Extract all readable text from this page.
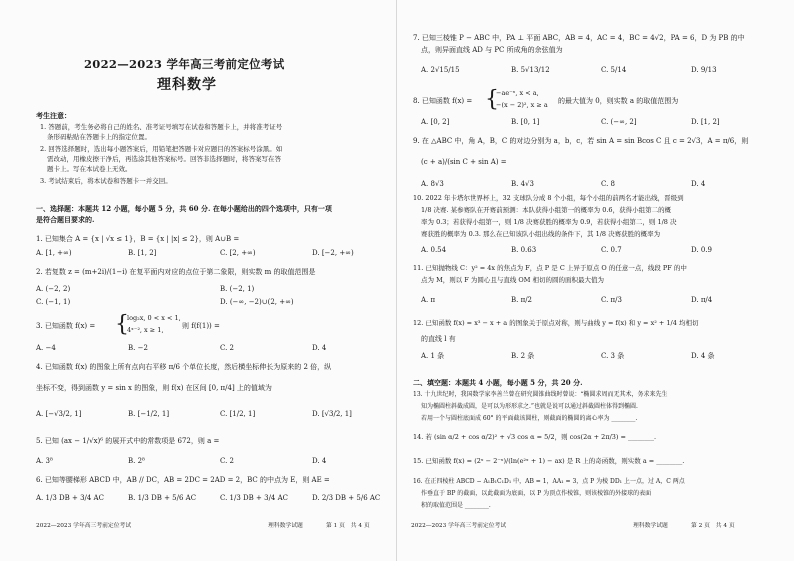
2022—2023 学年高三考前定位考试
理科数学
考生注意：
1. 答题前，考生务必将自己的姓名、准考证号填写在试卷和答题卡上，并将准考证号
条形码粘贴在答题卡上的指定位置。
2. 回答选择题时，选出每小题答案后，用铅笔把答题卡对应题目的答案标号涂黑。如
需改动，用橡皮擦干净后，再选涂其他答案标号。回答非选择题时，将答案写在答
题卡上。写在本试卷上无效。
3. 考试结束后，将本试卷和答题卡一并交回。
一、选择题：本题共 12 小题，每小题 5 分，共 60 分. 在每小题给出的四个选项中，只有一项
是符合题目要求的.
1. 已知集合 A = {x | √x ≤ 1}，B = {x | |x| ≤ 2}，则 A∪B =
A. [1, +∞)	B. [1, 2]	C. [2, +∞)	D. [−2, +∞)
2. 若复数 z = (m+2i)/(1−i) 在复平面内对应的点位于第二象限，则实数 m 的取值范围是
A. (−2, 2)	B. (−2, 1)
C. (−1, 1)	D. (−∞, −2)∪(2, +∞)
3. 已知函数 f(x) = {
log₂x, 0 < x < 1,
4ˣ⁻², x ≥ 1,	则 f(f(1)) =
A. −4	B. −2	C. 2	D. 4
4. 已知函数 f(x) 的图象上所有点向右平移 π/6 个单位长度，然后横坐标伸长为原来的 2 倍，纵
坐标不变，得到函数 y = sin x 的图象，则 f(x) 在区间 [0, π/4] 上的值域为
A. [−√3/2, 1]	B. [−1/2, 1]	C. [1/2, 1]	D. [√3/2, 1]
5. 已知 (ax − 1/√x)⁶ 的展开式中的常数项是 672，则 a =
A. 3⁸	B. 2⁸	C. 2	D. 4
6. 已知等腰梯形 ABCD 中，AB // DC，AB = 2DC = 2AD = 2，BC 的中点为 E，则 AE =
A. 1/3 DB + 3/4 AC	B. 1/3 DB + 5/6 AC	C. 1/3 DB + 3/4 AC	D. 2/3 DB + 5/6 AC
2022—2023 学年高三考前定位考试	理科数学试题	第 1 页　共 4 页
7. 已知三棱锥 P − ABC 中，PA ⊥ 平面 ABC，AB = 4，AC = 4，BC = 4√2，PA = 6，D 为 PB 的中
点，则异面直线 AD 与 PC 所成角的余弦值为
A. 2√15/15	B. 5√13/12	C. 5/14	D. 9/13
8. 已知函数 f(x) = {
−ae⁻ˣ, x < a,
−(x − 2)², x ≥ a 的最大值为 0，则实数 a 的取值范围为
A. [0, 2]	B. [0, 1]	C. (−∞, 2]	D. [1, 2]
9. 在 △ABC 中，角 A，B，C 的对边分别为 a，b，c，若 sin A = sin Bcos C 且 c = 2√3，A = π/6，则
(c + a)/(sin C + sin A) =
A. 8√3	B. 4√3	C. 8	D. 4
10. 2022 年卡塔尔世界杯上，32 支球队分成 8 个小组，每个小组的前两名才能出线，晋级到
1/8 决赛. 某参赛队在开赛前预测：本队获得小组第一的概率为 0.6，获得小组第二的概
率为 0.3；若获得小组第一，则 1/8 决赛获胜的概率为 0.9，若获得小组第二，则 1/8 决
赛获胜的概率为 0.3. 那么在已知该队小组出线的条件下，其 1/8 决赛获胜的概率为
A. 0.54	B. 0.63	C. 0.7	D. 0.9
11. 已知抛物线 C：y² = 4x 的焦点为 F，点 P 是 C 上异于原点 O 的任意一点，线段 PF 的中
点为 M，则以 F 为圆心且与直线 OM 相切的圆的面积最大值为
A. π	B. π/2	C. π/3	D. π/4
12. 已知函数 f(x) = x³ − x + a 的图象关于原点对称，则与曲线 y = f(x) 和 y = x² + 1/4 均相切
的直线 l 有
A. 1 条	B. 2 条	C. 3 条	D. 4 条
二、填空题：本题共 4 小题，每小题 5 分，共 20 分.
13. 十九世纪时，我国数学家李善兰曾在研究圆锥曲线时曾说：“椭圆求周而无其术，务求来先生
知为椭圆柱斜截成圆，是可以为形形求之.”也就是说可以通过斜截圆柱体得到椭圆.
若用一个与圆柱底面成 60° 的平面截该圆柱，则截面的椭圆的离心率为 ________.
14. 若 (sin α/2 + cos α/2)² + √3 cos α = 5/2，则 cos(2α + 2π/3) = ________.
15. 已知函数 f(x) = (2ˣ − 2⁻ˣ)/(ln(e²ˣ + 1) − ax) 是 R 上的奇函数，则实数 a = ________.
16. 在正四棱柱 ABCD − A₁B₁C₁D₁ 中，AB = 1，AA₁ = 3，点 P 为棱 DD₁ 上一点，过 A，C 两点
作垂直于 BP 的截面，以此截面为底面，以 P 为顶点作棱锥，则该棱锥的外接球的表面
积的取值范围是 ________.
2022—2023 学年高三考前定位考试	理科数学试题	第 2 页　共 4 页
